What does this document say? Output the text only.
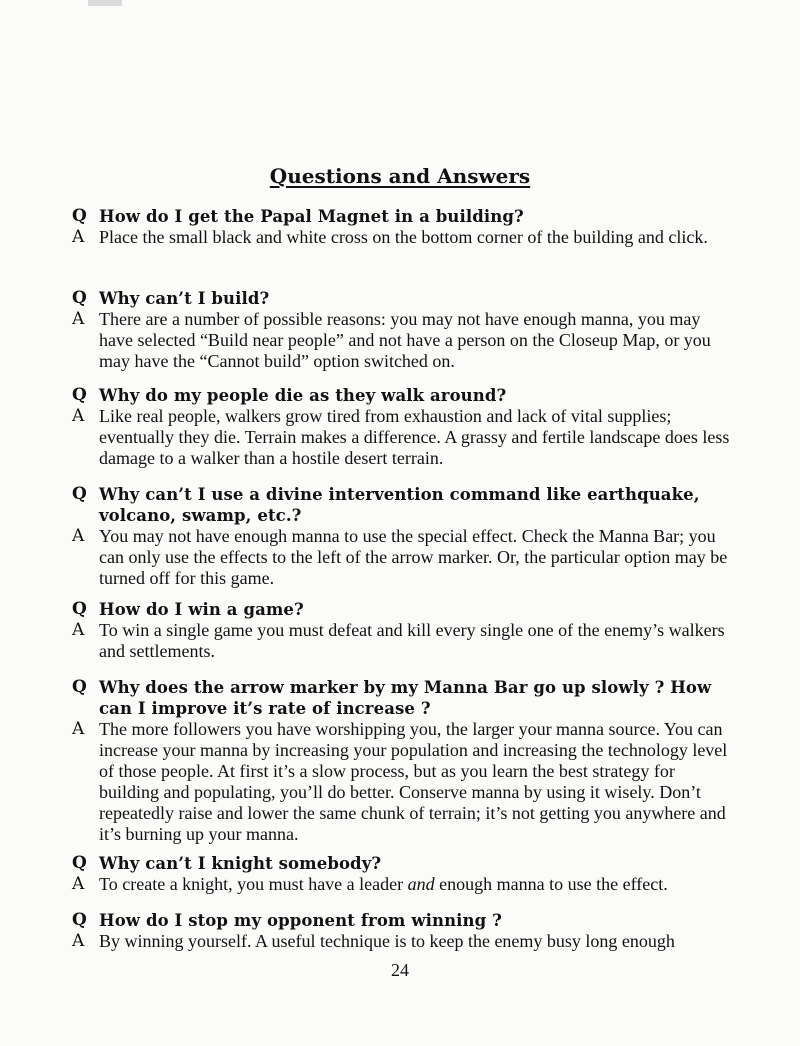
Questions and Answers
Q How do I get the Papal Magnet in a building?
A Place the small black and white cross on the bottom corner of the building and click.
Q Why can’t I build?
A There are a number of possible reasons: you may not have enough manna, you may have selected “Build near people” and not have a person on the Closeup Map, or you may have the “Cannot build” option switched on.
Q Why do my people die as they walk around?
A Like real people, walkers grow tired from exhaustion and lack of vital supplies; eventually they die. Terrain makes a difference. A grassy and fertile landscape does less damage to a walker than a hostile desert terrain.
Q Why can’t I use a divine intervention command like earthquake, volcano, swamp, etc.?
A You may not have enough manna to use the special effect. Check the Manna Bar; you can only use the effects to the left of the arrow marker. Or, the particular option may be turned off for this game.
Q How do I win a game?
A To win a single game you must defeat and kill every single one of the enemy’s walkers and settlements.
Q Why does the arrow marker by my Manna Bar go up slowly ? How can I improve it’s rate of increase ?
A The more followers you have worshipping you, the larger your manna source. You can increase your manna by increasing your population and increasing the technology level of those people. At first it’s a slow process, but as you learn the best strategy for building and populating, you’ll do better. Conserve manna by using it wisely. Don’t repeatedly raise and lower the same chunk of terrain; it’s not getting you anywhere and it’s burning up your manna.
Q Why can’t I knight somebody?
A To create a knight, you must have a leader and enough manna to use the effect.
Q How do I stop my opponent from winning ?
A By winning yourself. A useful technique is to keep the enemy busy long enough
24
